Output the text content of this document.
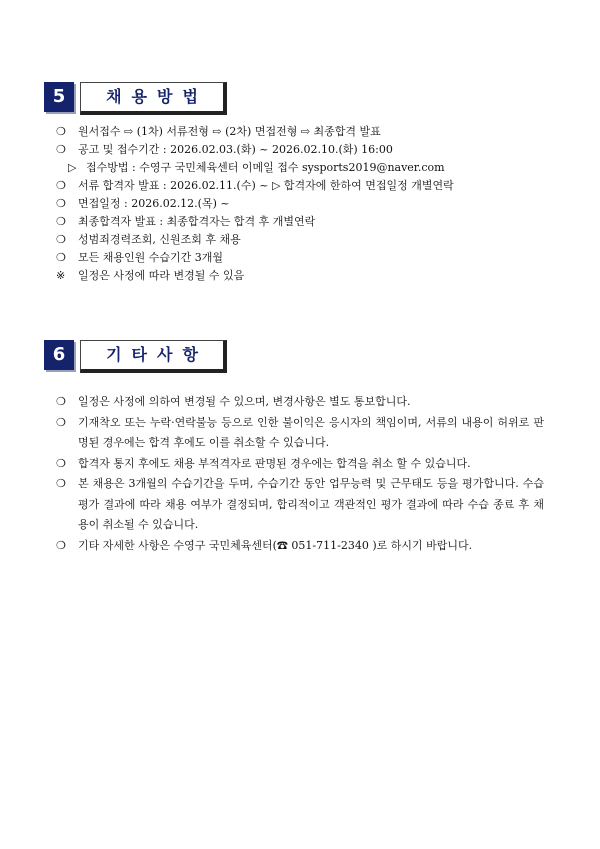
5	채용방법
❍ 원서접수 ⇨ (1차) 서류전형 ⇨ (2차) 면접전형 ⇨ 최종합격 발표
❍ 공고 및 접수기간 : 2026.02.03.(화) ~ 2026.02.10.(화) 16:00
▷ 접수방법 : 수영구 국민체육센터 이메일 접수 sysports2019@naver.com
❍ 서류 합격자 발표 : 2026.02.11.(수) ~ ▷ 합격자에 한하여 면접일정 개별연락
❍ 면접일정 : 2026.02.12.(목) ~
❍ 최종합격자 발표 : 최종합격자는 합격 후 개별연락
❍ 성범죄경력조회, 신원조회 후 채용
❍ 모든 채용인원 수습기간 3개월
※ 일정은 사정에 따라 변경될 수 있음
6	기타사항
❍ 일정은 사정에 의하여 변경될 수 있으며, 변경사항은 별도 통보합니다.
❍ 기재착오 또는 누락·연락불능 등으로 인한 불이익은 응시자의 책임이며, 서류의 내용이 허위로 판명된 경우에는 합격 후에도 이를 취소할 수 있습니다.
❍ 합격자 통지 후에도 채용 부적격자로 판명된 경우에는 합격을 취소 할 수 있습니다.
❍ 본 채용은 3개월의 수습기간을 두며, 수습기간 동안 업무능력 및 근무태도 등을 평가합니다. 수습평가 결과에 따라 채용 여부가 결정되며, 합리적이고 객관적인 평가 결과에 따라 수습 종료 후 채용이 취소될 수 있습니다.
❍ 기타 자세한 사항은 수영구 국민체육센터(☎ 051-711-2340 )로 하시기 바랍니다.
